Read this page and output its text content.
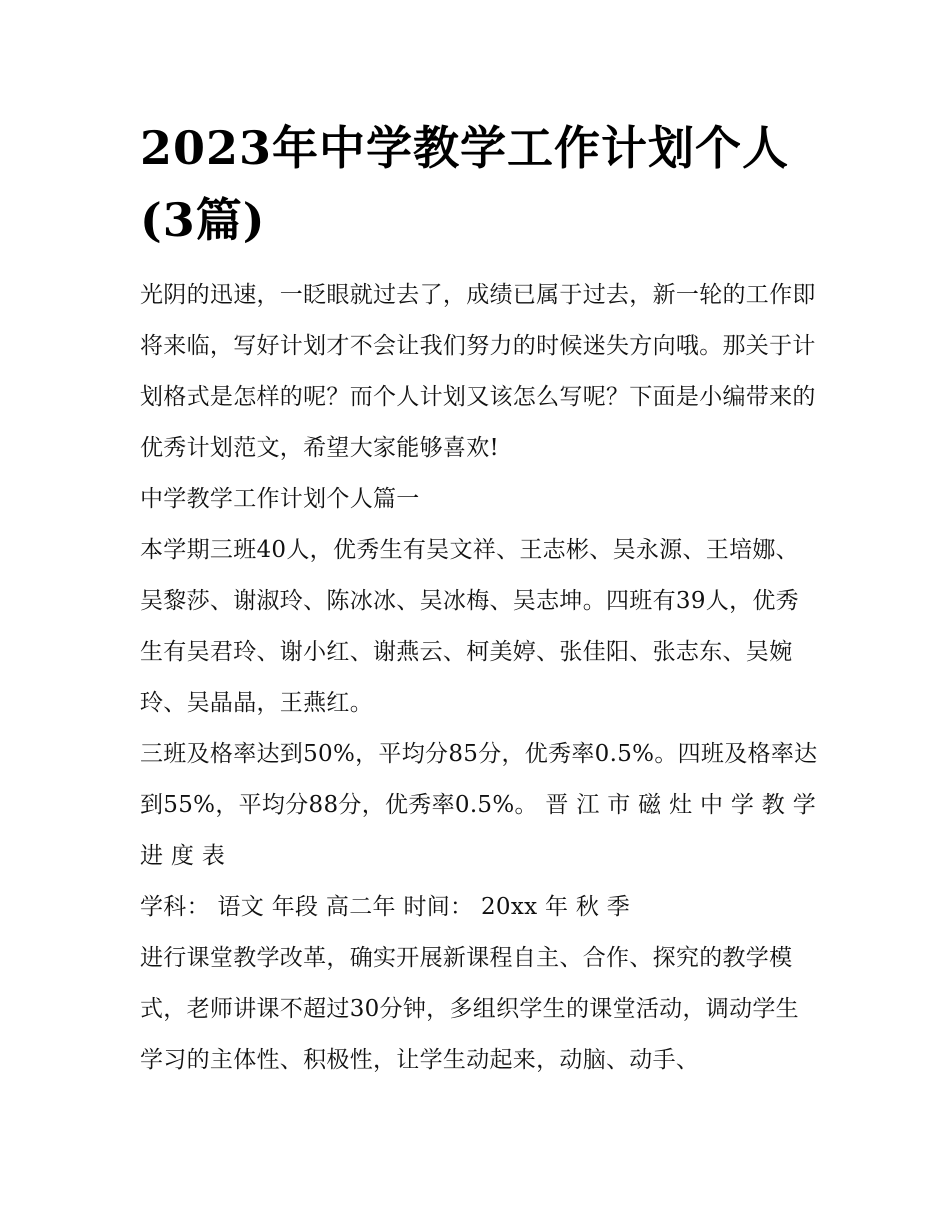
2023年中学教学工作计划个人
(3篇)

光阴的迅速，一眨眼就过去了，成绩已属于过去，新一轮的工作即将来临，写好计划才不会让我们努力的时候迷失方向哦。那关于计划格式是怎样的呢？而个人计划又该怎么写呢？下面是小编带来的优秀计划范文，希望大家能够喜欢!

中学教学工作计划个人篇一

本学期三班40人，优秀生有吴文祥、王志彬、吴永源、王培娜、吴黎莎、谢淑玲、陈冰冰、吴冰梅、吴志坤。四班有39人，优秀生有吴君玲、谢小红、谢燕云、柯美婷、张佳阳、张志东、吴婉玲、吴晶晶，王燕红。

三班及格率达到50%，平均分85分，优秀率0.5%。四班及格率达到55%，平均分88分，优秀率0.5%。 晋 江 市 磁 灶 中 学 教 学 进 度 表

学科： 语文 年段 高二年 时间： 20xx 年 秋 季

进行课堂教学改革，确实开展新课程自主、合作、探究的教学模式，老师讲课不超过30分钟，多组织学生的课堂活动，调动学生学习的主体性、积极性，让学生动起来，动脑、动手、
